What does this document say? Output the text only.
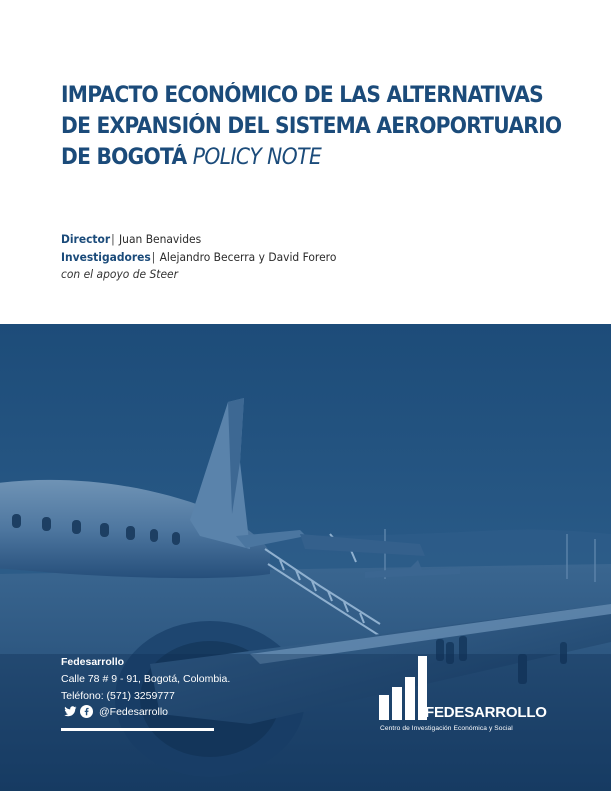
IMPACTO ECONÓMICO DE LAS ALTERNATIVAS
DE EXPANSIÓN DEL SISTEMA AEROPORTUARIO
DE BOGOTÁ POLICY NOTE
Director| Juan Benavides
Investigadores| Alejandro Becerra y David Forero
con el apoyo de Steer
Fedesarrollo
Calle 78 # 9 - 91, Bogotá, Colombia.
Teléfono: (571) 3259777
@Fedesarrollo	FEDESARROLLO
Centro de Investigación Económica y Social
